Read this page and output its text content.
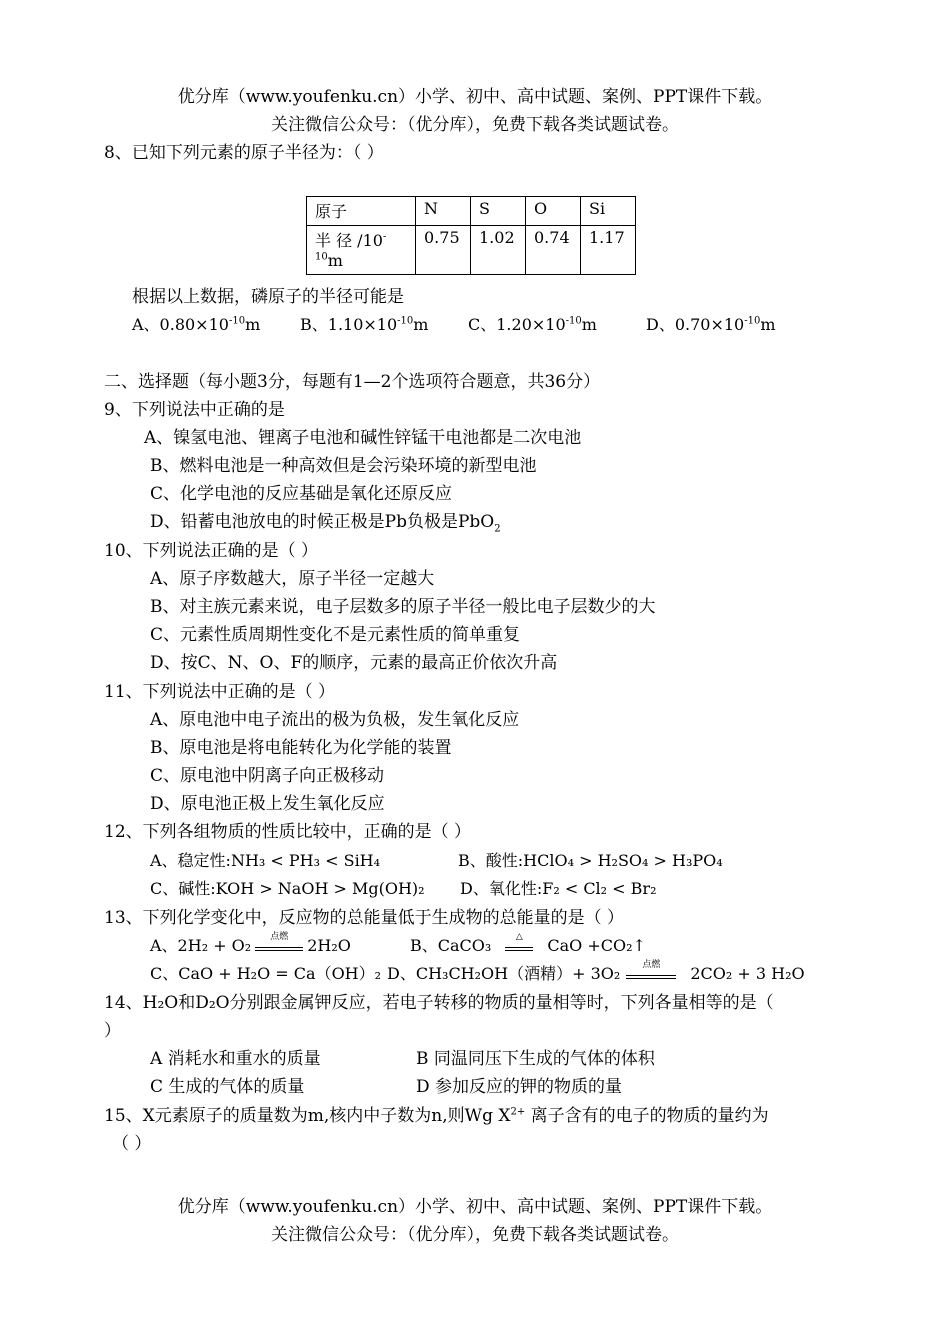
优分库（www.youfenku.cn）小学、初中、高中试题、案例、PPT课件下载。
关注微信公众号：（优分库），免费下载各类试题试卷。
8、已知下列元素的原子半径为：（ ）
原子	N	S	O	Si
半 径 $/10^{-10}m$	0.75	1.02	0.74	1.17
根据以上数据，磷原子的半径可能是
A、$0.80\times 10^{-10}m$ B、$1.10\times 10^{-10}m$ C、$1.20\times 10^{-10}m$	D、$0.70\times 10^{-10}m$
二、选择题（每小题3分，每题有1—2个选项符合题意，共36分）
9、下列说法中正确的是
A、镍氢电池、锂离子电池和碱性锌锰干电池都是二次电池
B、燃料电池是一种高效但是会污染环境的新型电池
C、化学电池的反应基础是氧化还原反应
D、铅蓄电池放电的时候正极是Pb负极是PbO$_2$
10、下列说法正确的是（ ）
A、原子序数越大，原子半径一定越大
B、对主族元素来说，电子层数多的原子半径一般比电子层数少的大
C、元素性质周期性变化不是元素性质的简单重复
D、按C、N、O、F的顺序，元素的最高正价依次升高
11、下列说法中正确的是（ ）
A、原电池中电子流出的极为负极，发生氧化反应
B、原电池是将电能转化为化学能的装置
C、原电池中阴离子向正极移动
D、原电池正极上发生氧化反应
12、下列各组物质的性质比较中，正确的是（ ）
A、稳定性:NH₃ < PH₃ < SiH₄	B、酸性:HClO₄ > H₂SO₄ > H₃PO₄
C、碱性:KOH > NaOH > Mg(OH)₂ D、氧化性:F₂ < Cl₂ < Br₂
13、下列化学变化中，反应物的总能量低于生成物的总能量的是（ ）
A、2H₂ + O₂	点燃	2H₂O	B、CaCO₃	△	CaO +CO₂↑
C、CaO + H₂O = Ca（OH）₂ D、CH₃CH₂OH（酒精）+ 3O₂	点燃	2CO₂ + 3 H₂O
14、H₂O和D₂O分别跟金属钾反应，若电子转移的物质的量相等时，下列各量相等的是（
）
A 消耗水和重水的质量	B 同温同压下生成的气体的体积
C 生成的气体的质量	D 参加反应的钾的物质的量
15、X元素原子的质量数为m,核内中子数为n,则Wg $X^{2+}$ 离子含有的电子的物质的量约为
（ ）
优分库（www.youfenku.cn）小学、初中、高中试题、案例、PPT课件下载。
关注微信公众号：（优分库），免费下载各类试题试卷。
